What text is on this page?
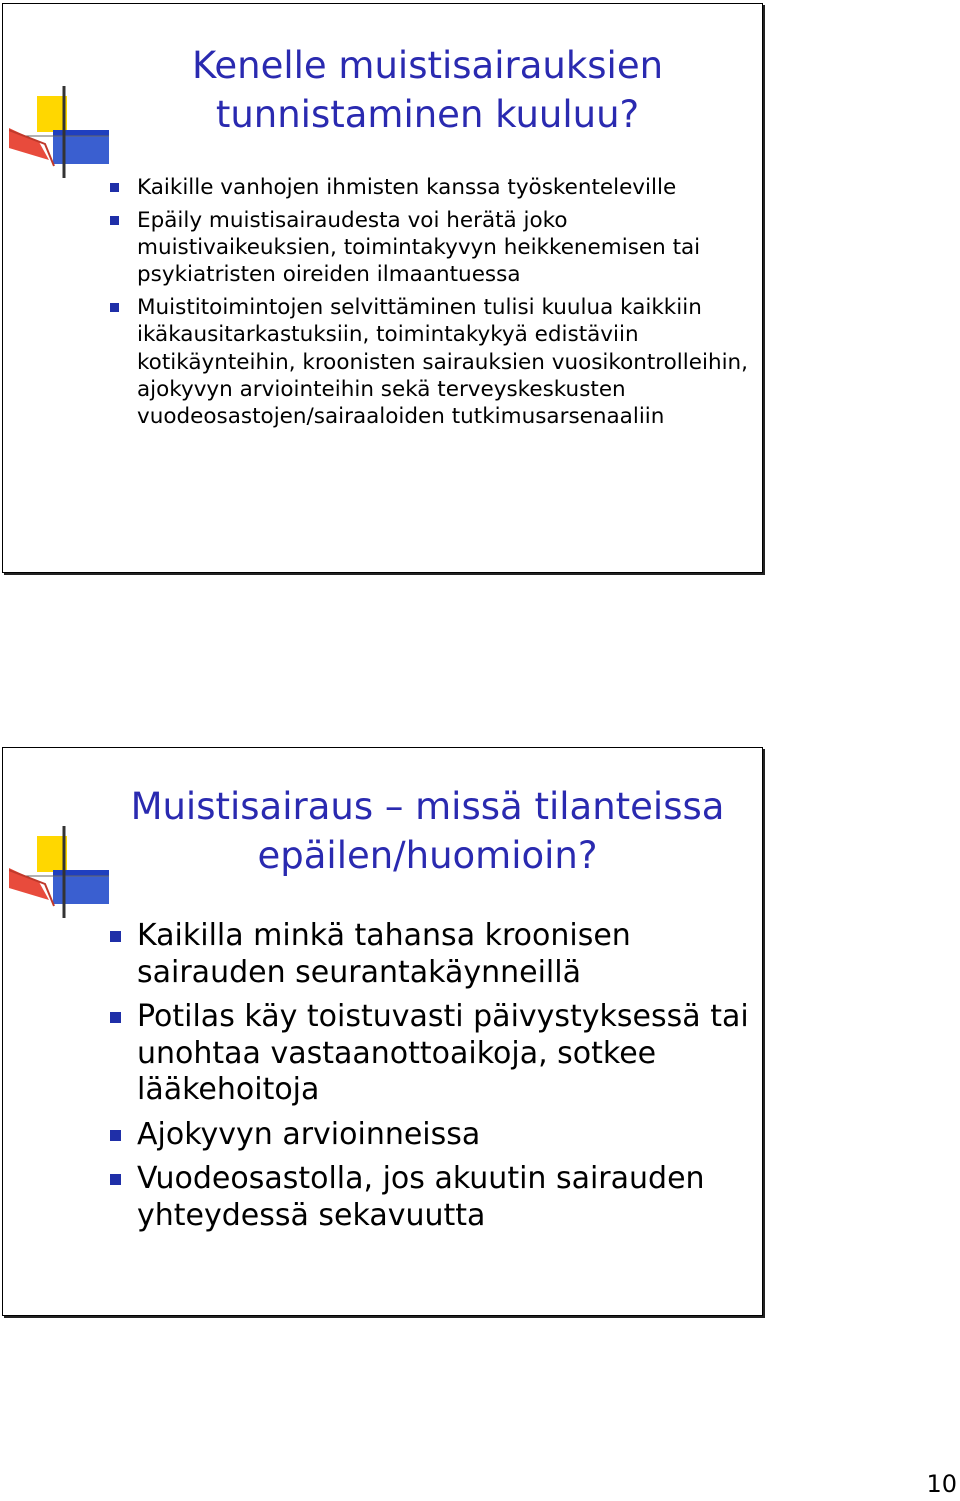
Kenelle muistisairauksien
tunnistaminen kuuluu?
Kaikille vanhojen ihmisten kanssa työskenteleville
Epäily muistisairaudesta voi herätä joko muistivaikeuksien, toimintakyvyn heikkenemisen tai psykiatristen oireiden ilmaantuessa
Muistitoimintojen selvittäminen tulisi kuulua kaikkiin ikäkausitarkastuksiin, toimintakykyä edistäviin kotikäynteihin, kroonisten sairauksien vuosikontrolleihin, ajokyvyn arviointeihin sekä terveyskeskusten vuodeosastojen/sairaaloiden tutkimusarsenaaliin
Muistisairaus – missä tilanteissa
epäilen/huomioin?
Kaikilla minkä tahansa kroonisen sairauden seurantakäynneillä
Potilas käy toistuvasti päivystyksessä tai unohtaa vastaanottoaikoja, sotkee lääkehoitoja
Ajokyvyn arvioinneissa
Vuodeosastolla, jos akuutin sairauden yhteydessä sekavuutta
10
